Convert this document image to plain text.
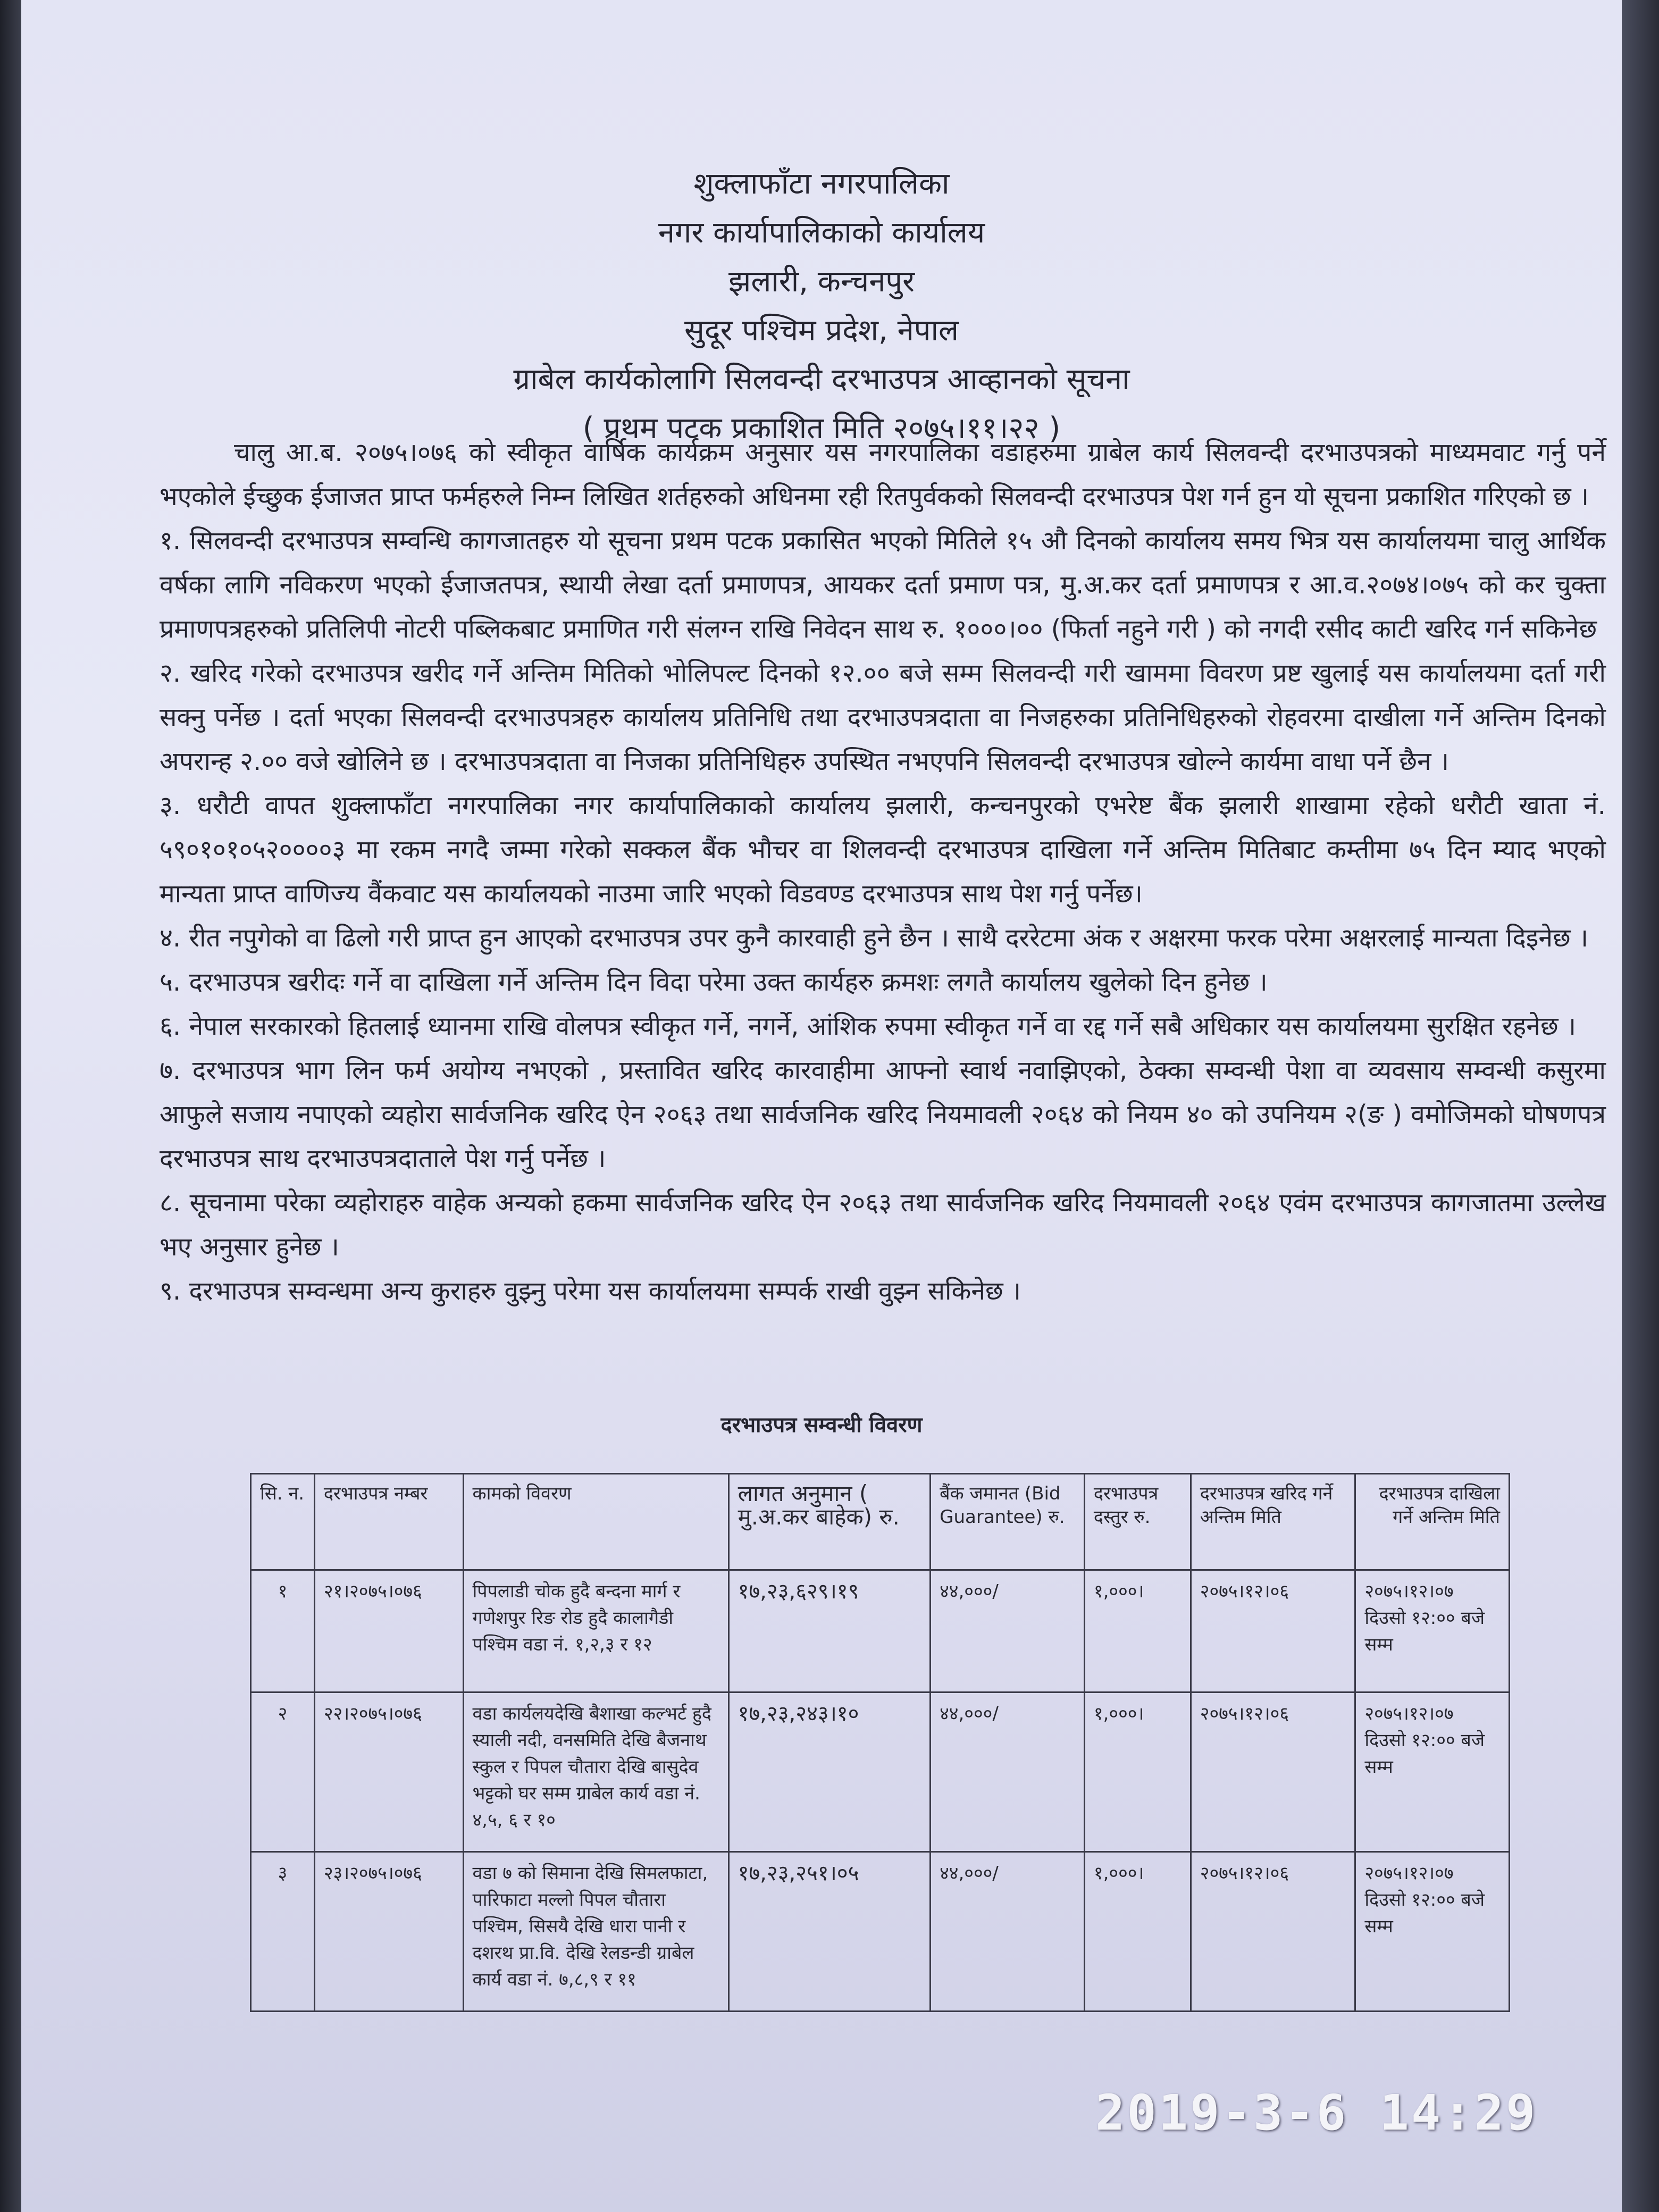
शुक्लाफाँटा नगरपालिका

नगर कार्यापालिकाको कार्यालय

झलारी, कन्चनपुर

सुदूर पश्चिम प्रदेश, नेपाल

ग्राबेल कार्यकोलागि सिलवन्दी दरभाउपत्र आव्हानको सूचना

( प्रथम पटक प्रकाशित मिति २०७५।११।२२ )

चालु आ.ब. २०७५।०७६ को स्वीकृत वार्षिक कार्यक्रम अनुसार यस नगरपालिका वडाहरुमा ग्राबेल कार्य सिलवन्दी दरभाउपत्रको माध्यमवाट गर्नु पर्ने भएकोले ईच्छुक ईजाजत प्राप्त फर्महरुले निम्न लिखित शर्तहरुको अधिनमा रही रितपुर्वकको सिलवन्दी दरभाउपत्र पेश गर्न हुन यो सूचना प्रकाशित गरिएको छ ।

१. सिलवन्दी दरभाउपत्र सम्वन्धि कागजातहरु यो सूचना प्रथम पटक प्रकासित भएको मितिले १५ औ दिनको कार्यालय समय भित्र यस कार्यालयमा चालु आर्थिक वर्षका लागि नविकरण भएको ईजाजतपत्र, स्थायी लेखा दर्ता प्रमाणपत्र, आयकर दर्ता प्रमाण पत्र, मु.अ.कर दर्ता प्रमाणपत्र र आ.व.२०७४।०७५ को कर चुक्ता प्रमाणपत्रहरुको प्रतिलिपी नोटरी पब्लिकबाट प्रमाणित गरी संलग्न राखि निवेदन साथ रु. १०००।०० (फिर्ता नहुने गरी ) को नगदी रसीद काटी खरिद गर्न सकिनेछ

२. खरिद गरेको दरभाउपत्र खरीद गर्ने अन्तिम मितिको भोलिपल्ट दिनको १२.०० बजे सम्म सिलवन्दी गरी खाममा विवरण प्रष्ट खुलाई यस कार्यालयमा दर्ता गरी सक्नु पर्नेछ । दर्ता भएका सिलवन्दी दरभाउपत्रहरु कार्यालय प्रतिनिधि तथा दरभाउपत्रदाता वा निजहरुका प्रतिनिधिहरुको रोहवरमा दाखीला गर्ने अन्तिम दिनको अपरान्ह २.०० वजे खोलिने छ । दरभाउपत्रदाता वा निजका प्रतिनिधिहरु उपस्थित नभएपनि सिलवन्दी दरभाउपत्र खोल्ने कार्यमा वाधा पर्ने छैन ।

३. धरौटी वापत शुक्लाफाँटा नगरपालिका नगर कार्यापालिकाको कार्यालय झलारी, कन्चनपुरको एभरेष्ट बैंक झलारी शाखामा रहेको धरौटी खाता नं. ५९०१०१०५२००००३ मा रकम नगदै जम्मा गरेको सक्कल बैंक भौचर वा शिलवन्दी दरभाउपत्र दाखिला गर्ने अन्तिम मितिबाट कम्तीमा ७५ दिन म्याद भएको मान्यता प्राप्त वाणिज्य वैंकवाट यस कार्यालयको नाउमा जारि भएको विडवण्ड दरभाउपत्र साथ पेश गर्नु पर्नेछ।

४. रीत नपुगेको वा ढिलो गरी प्राप्त हुन आएको दरभाउपत्र उपर कुनै कारवाही हुने छैन । साथै दररेटमा अंक र अक्षरमा फरक परेमा अक्षरलाई मान्यता दिइनेछ ।

५. दरभाउपत्र खरीदः गर्ने वा दाखिला गर्ने अन्तिम दिन विदा परेमा उक्त कार्यहरु क्रमशः लगतै कार्यालय खुलेको दिन हुनेछ ।

६. नेपाल सरकारको हितलाई ध्यानमा राखि वोलपत्र स्वीकृत गर्ने, नगर्ने, आंशिक रुपमा स्वीकृत गर्ने वा रद्द गर्ने सबै अधिकार यस कार्यालयमा सुरक्षित रहनेछ ।

७. दरभाउपत्र भाग लिन फर्म अयोग्य नभएको , प्रस्तावित खरिद कारवाहीमा आफ्नो स्वार्थ नवाझिएको, ठेक्का सम्वन्धी पेशा वा व्यवसाय सम्वन्धी कसुरमा आफुले सजाय नपाएको व्यहोरा सार्वजनिक खरिद ऐन २०६३ तथा सार्वजनिक खरिद नियमावली २०६४ को नियम ४० को उपनियम २(ङ ) वमोजिमको घोषणपत्र दरभाउपत्र साथ दरभाउपत्रदाताले पेश गर्नु पर्नेछ ।

८. सूचनामा परेका व्यहोराहरु वाहेक अन्यको हकमा सार्वजनिक खरिद ऐन २०६३ तथा सार्वजनिक खरिद नियमावली २०६४ एवंम दरभाउपत्र कागजातमा उल्लेख भए अनुसार हुनेछ ।

९. दरभाउपत्र सम्वन्धमा अन्य कुराहरु वुझ्नु परेमा यस कार्यालयमा सम्पर्क राखी वुझ्न सकिनेछ ।

दरभाउपत्र सम्वन्धी विवरण
सि. न.	दरभाउपत्र नम्बर	कामको विवरण	लागत अनुमान ( मु.अ.कर बाहेक) रु.	बैंक जमानत (Bid Guarantee) रु.	दरभाउपत्र दस्तुर रु.	दरभाउपत्र खरिद गर्ने अन्तिम मिति	दरभाउपत्र दाखिला गर्ने अन्तिम मिति
१	२१।२०७५।०७६	पिपलाडी चोक हुदै बन्दना मार्ग र गणेशपुर रिङ रोड हुदै कालागैडी पश्चिम वडा नं. १,२,३ र १२	१७,२३,६२९।१९	४४,०००/	१,०००।	२०७५।१२।०६	२०७५।१२।०७ दिउसो १२:०० बजे सम्म
२	२२।२०७५।०७६	वडा कार्यलयदेखि बैशाखा कल्भर्ट हुदै स्याली नदी, वनसमिति देखि बैजनाथ स्कुल र पिपल चौतारा देखि बासुदेव भट्टको घर सम्म ग्राबेल कार्य वडा नं. ४,५, ६ र १०	१७,२३,२४३।१०	४४,०००/	१,०००।	२०७५।१२।०६	२०७५।१२।०७ दिउसो १२:०० बजे सम्म
३	२३।२०७५।०७६	वडा ७ को सिमाना देखि सिमलफाटा, पारिफाटा मल्लो पिपल चौतारा पश्चिम, सिसयै देखि धारा पानी र दशरथ प्रा.वि. देखि रेलडन्डी ग्राबेल कार्य वडा नं. ७,८,९ र ११	१७,२३,२५१।०५	४४,०००/	१,०००।	२०७५।१२।०६	२०७५।१२।०७ दिउसो १२:०० बजे सम्म
2019-3-6 14:29
